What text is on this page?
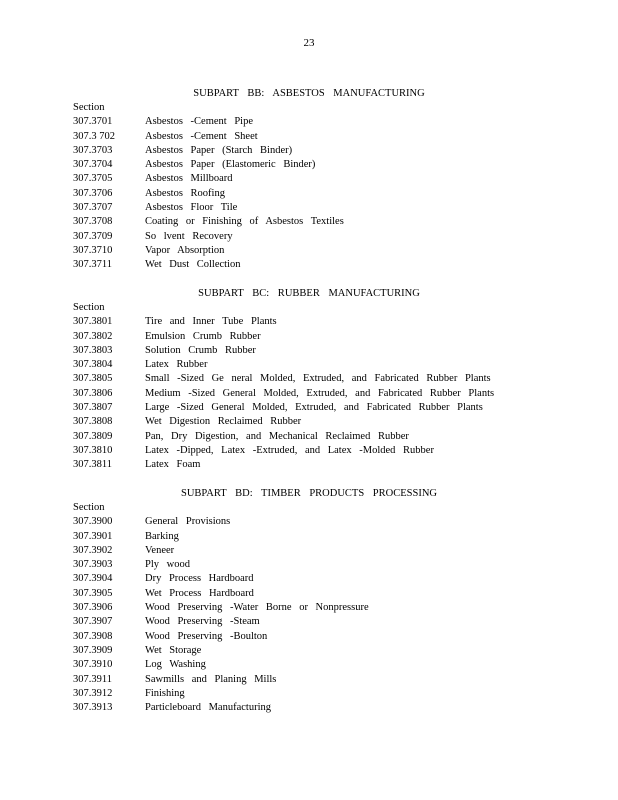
23
SUBPART BB: ASBESTOS MANUFACTURING
Section
307.3701	Asbestos -Cement Pipe
307.3 702	Asbestos -Cement Sheet
307.3703	Asbestos Paper (Starch Binder)
307.3704	Asbestos Paper (Elastomeric Binder)
307.3705	Asbestos Millboard
307.3706	Asbestos Roofing
307.3707	Asbestos Floor Tile
307.3708	Coating or Finishing of Asbestos Textiles
307.3709	So lvent Recovery
307.3710	Vapor Absorption
307.3711	Wet Dust Collection
SUBPART BC: RUBBER MANUFACTURING
Section
307.3801	Tire and Inner Tube Plants
307.3802	Emulsion Crumb Rubber
307.3803	Solution Crumb Rubber
307.3804	Latex Rubber
307.3805	Small -Sized Ge neral Molded, Extruded, and Fabricated Rubber Plants
307.3806	Medium -Sized General Molded, Extruded, and Fabricated Rubber Plants
307.3807	Large -Sized General Molded, Extruded, and Fabricated Rubber Plants
307.3808	Wet Digestion Reclaimed Rubber
307.3809	Pan, Dry Digestion, and Mechanical Reclaimed Rubber
307.3810	Latex -Dipped, Latex -Extruded, and Latex -Molded Rubber
307.3811	Latex Foam
SUBPART BD: TIMBER PRODUCTS PROCESSING
Section
307.3900	General Provisions
307.3901	Barking
307.3902	Veneer
307.3903	Ply wood
307.3904	Dry Process Hardboard
307.3905	Wet Process Hardboard
307.3906	Wood Preserving -Water Borne or Nonpressure
307.3907	Wood Preserving -Steam
307.3908	Wood Preserving -Boulton
307.3909	Wet Storage
307.3910	Log Washing
307.3911	Sawmills and Planing Mills
307.3912	Finishing
307.3913	Particleboard Manufacturing
